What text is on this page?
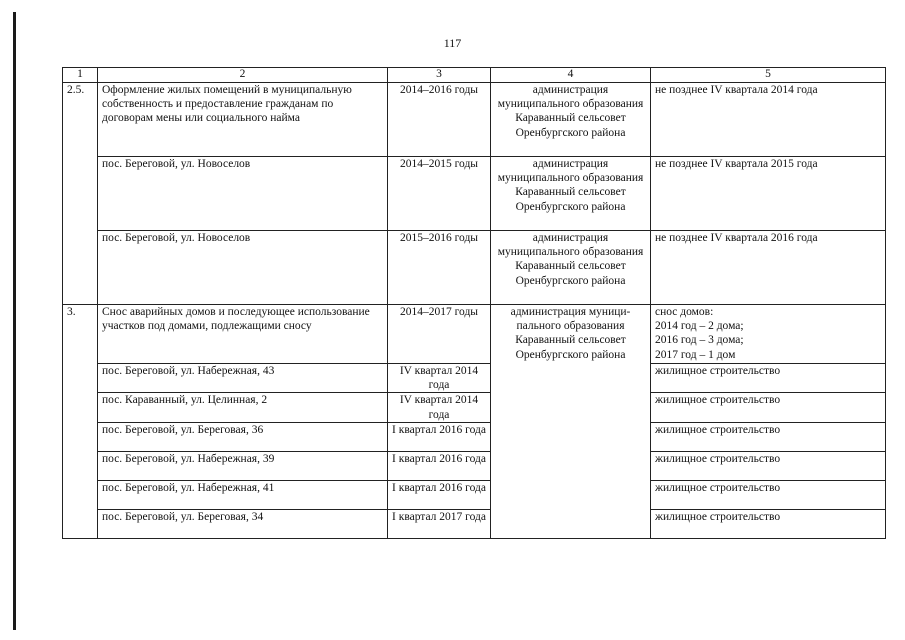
117
1	2	3	4	5
2.5.	Оформление жилых помещений в муниципальную собственность и предоставление гражданам по договорам мены или социального найма	2014–2016 годы	администрация муниципального образования Караванный сельсовет Оренбургского района	не позднее IV квартала 2014 года
	пос. Береговой, ул. Новоселов	2014–2015 годы	администрация муниципального образования Караванный сельсовет Оренбургского района	не позднее IV квартала 2015 года
	пос. Береговой, ул. Новоселов	2015–2016 годы	администрация муниципального образования Караванный сельсовет Оренбургского района	не позднее IV квартала 2016 года
3.	Снос аварийных домов и последующее использование участков под домами, подлежащими сносу	2014–2017 годы	администрация муниципального образования Караванный сельсовет Оренбургского района	снос домов:
2014 год – 2 дома;
2016 год – 3 дома;
2017 год – 1 дом

	пос. Береговой, ул. Набережная, 43	IV квартал 2014 года		жилищное строительство
	пос. Караванный, ул. Целинная, 2	IV квартал 2014 года		жилищное строительство
	пос. Береговой, ул. Береговая, 36	I квартал 2016 года		жилищное строительство
	пос. Береговой, ул. Набережная, 39	I квартал 2016 года		жилищное строительство
	пос. Береговой, ул. Набережная, 41	I квартал 2016 года		жилищное строительство
	пос. Береговой, ул. Береговая, 34	I квартал 2017 года		жилищное строительство
